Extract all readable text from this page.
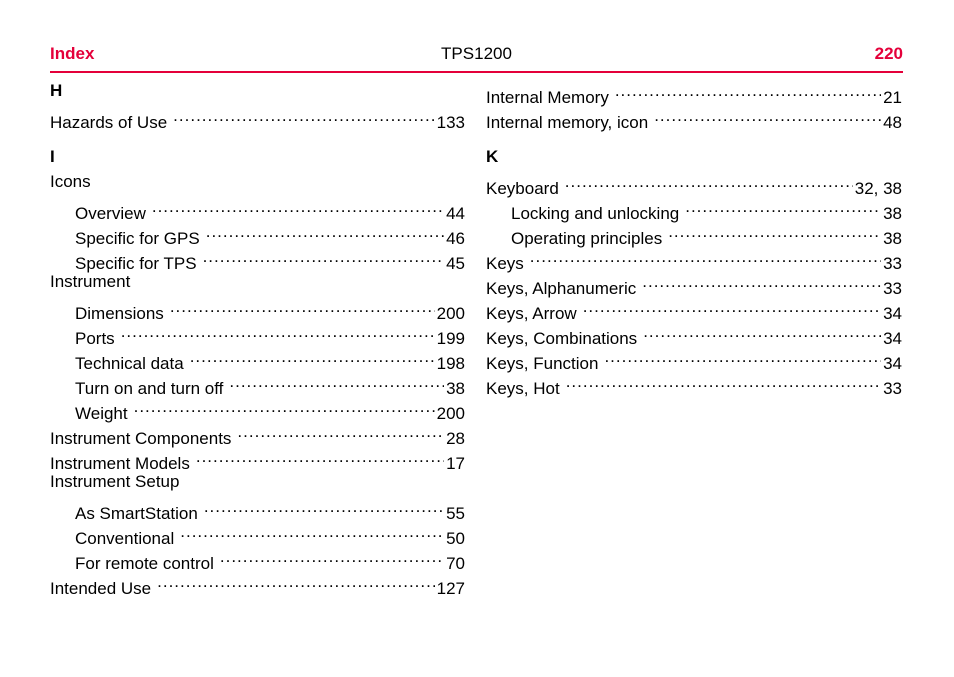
Index	TPS1200	220
H
Hazards of Use .....	133
I
Icons
Overview .....	44
Specific for GPS .....	46
Specific for TPS .....	45
Instrument
Dimensions .....	200
Ports .....	199
Technical data .....	198
Turn on and turn off .....	38
Weight .....	200
Instrument Components .....	28
Instrument Models .....	17
Instrument Setup
As SmartStation .....	55
Conventional .....	50
For remote control .....	70
Intended Use .....	127
Internal Memory .....	21
Internal memory, icon .....	48
K
Keyboard .....	32, 38
Locking and unlocking .....	38
Operating principles .....	38
Keys .....	33
Keys, Alphanumeric .....	33
Keys, Arrow .....	34
Keys, Combinations .....	34
Keys, Function .....	34
Keys, Hot .....	33
